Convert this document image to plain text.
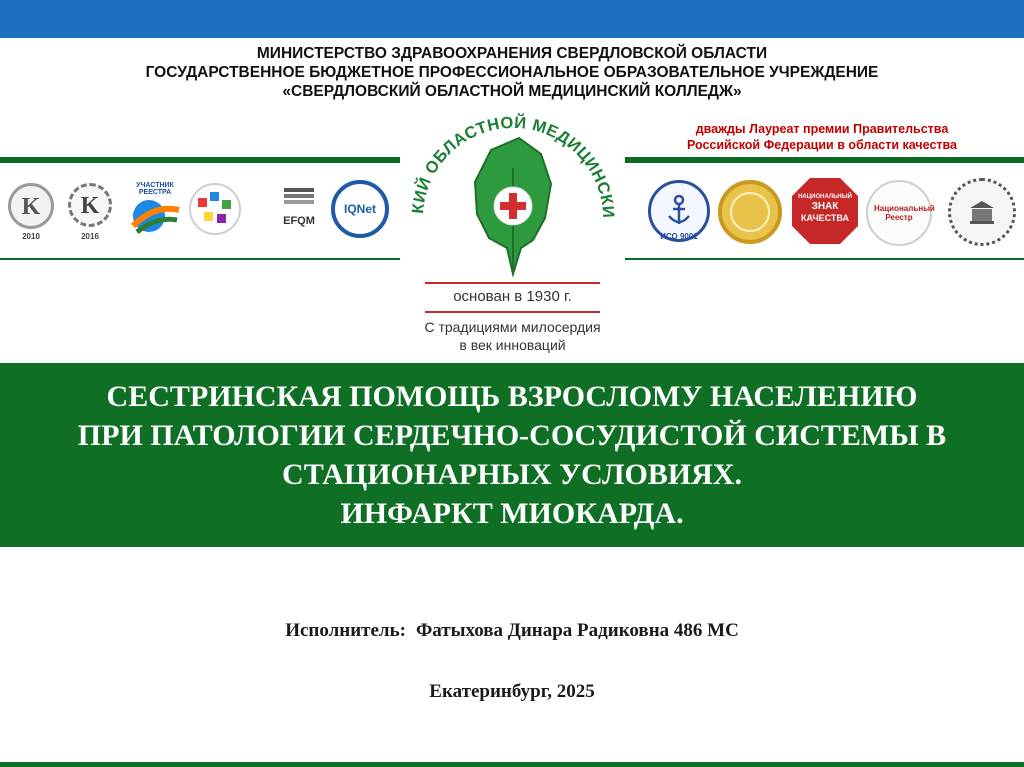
МИНИСТЕРСТВО ЗДРАВООХРАНЕНИЯ СВЕРДЛОВСКОЙ ОБЛАСТИ
ГОСУДАРСТВЕННОЕ БЮДЖЕТНОЕ ПРОФЕССИОНАЛЬНОЕ ОБРАЗОВАТЕЛЬНОЕ УЧРЕЖДЕНИЕ
«СВЕРДЛОВСКИЙ ОБЛАСТНОЙ МЕДИЦИНСКИЙ КОЛЛЕДЖ»
дважды Лауреат премии Правительства
Российской Федерации в области качества
K
2010
K
2016
УЧАСТНИК РЕЕСТРА
EFQM
IQNet	КИЙ ОБЛАСТНОЙ МЕДИЦИНСКИ
основан в 1930 г.
С традициями милосердия
в век инноваций
ИСО 9001
НАЦИОНАЛЬНЫЙ
ЗНАК
КАЧЕСТВА
Национальный Реестр
СЕСТРИНСКАЯ ПОМОЩЬ ВЗРОСЛОМУ НАСЕЛЕНИЮ
ПРИ ПАТОЛОГИИ СЕРДЕЧНО-СОСУДИСТОЙ СИСТЕМЫ В
СТАЦИОНАРНЫХ УСЛОВИЯХ.
ИНФАРКТ МИОКАРДА.
Исполнитель: Фатыхова Динара Радиковна 486 МС
Екатеринбург, 2025
